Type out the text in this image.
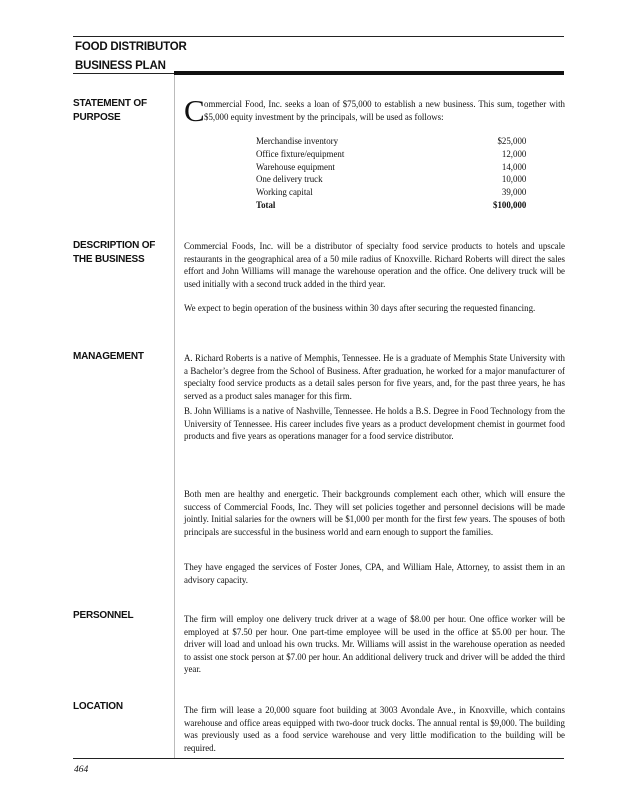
FOOD DISTRIBUTOR
BUSINESS PLAN
STATEMENT OF PURPOSE	C ommercial Food, Inc. seeks a loan of $75,000 to establish a new business. This sum, together with $5,000 equity investment by the principals, will be used as follows:
Merchandise inventory	$25,000
Office fixture/equipment	12,000
Warehouse equipment	14,000
One delivery truck	10,000
Working capital	39,000
Total	$100,000
DESCRIPTION OF THE BUSINESS
Commercial Foods, Inc. will be a distributor of specialty food service products to hotels and upscale restaurants in the geographical area of a 50 mile radius of Knoxville. Richard Roberts will direct the sales effort and John Williams will manage the warehouse operation and the office. One delivery truck will be used initially with a second truck added in the third year.
We expect to begin operation of the business within 30 days after securing the requested financing.
MANAGEMENT	A. Richard Roberts is a native of Memphis, Tennessee. He is a graduate of Memphis State University with a Bachelor’s degree from the School of Business. After graduation, he worked for a major manufacturer of specialty food service products as a detail sales person for five years, and, for the past three years, he has served as a product sales manager for this firm.
B. John Williams is a native of Nashville, Tennessee. He holds a B.S. Degree in Food Technology from the University of Tennessee. His career includes five years as a product development chemist in gourmet food products and five years as operations manager for a food service distributor.
Both men are healthy and energetic. Their backgrounds complement each other, which will ensure the success of Commercial Foods, Inc. They will set policies together and personnel decisions will be made jointly. Initial salaries for the owners will be $1,000 per month for the first few years. The spouses of both principals are successful in the business world and earn enough to support the families.
They have engaged the services of Foster Jones, CPA, and William Hale, Attorney, to assist them in an advisory capacity.
PERSONNEL	The firm will employ one delivery truck driver at a wage of $8.00 per hour. One office worker will be employed at $7.50 per hour. One part-time employee will be used in the office at $5.00 per hour. The driver will load and unload his own trucks. Mr. Williams will assist in the warehouse operation as needed to assist one stock person at $7.00 per hour. An additional delivery truck and driver will be added the third year.
LOCATION	The firm will lease a 20,000 square foot building at 3003 Avondale Ave., in Knoxville, which contains warehouse and office areas equipped with two-door truck docks. The annual rental is $9,000. The building was previously used as a food service warehouse and very little modification to the building will be required.
464
